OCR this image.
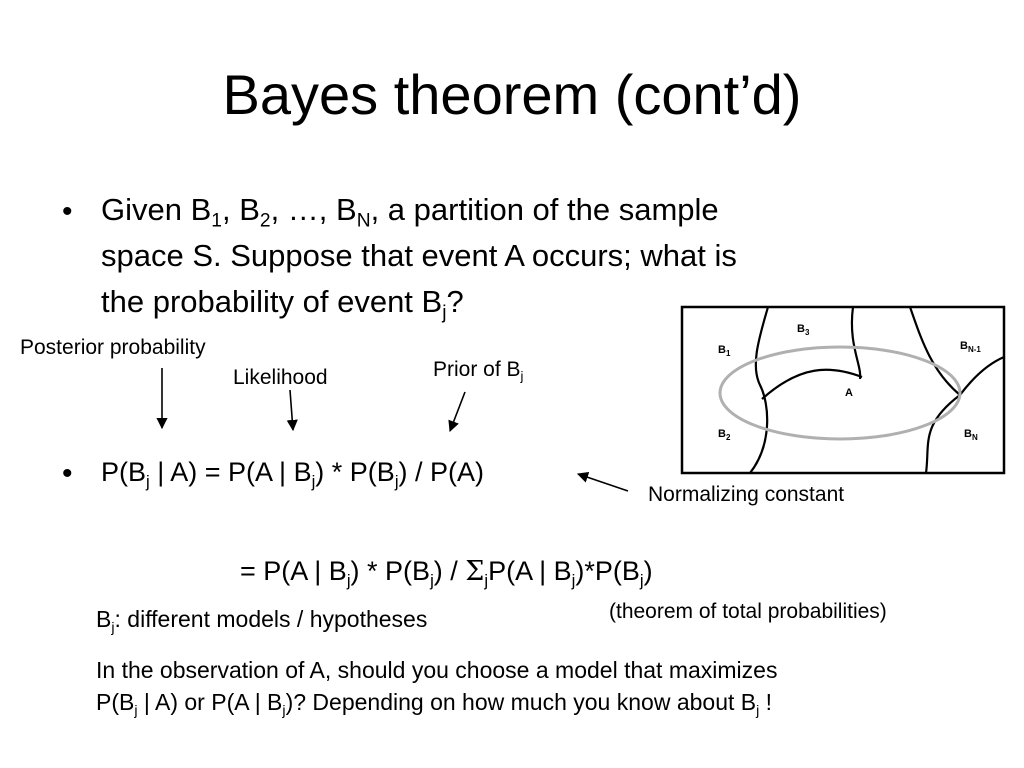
Bayes theorem (cont’d)
• Given $B_1$, $B_2$, …, $B_N$, a partition of the sample
space S. Suppose that event A occurs; what is
the probability of event $B_j$?
Posterior probability
Likelihood	Prior of $B_j$
$B_1$
$B_3$
$B_{N-1}$
A
$B_2$	$B_N$
• $P(B_j$ | A) = P(A | $B_j) * P(B_j) / P(A)$
Normalizing constant
= P(A | $B_j) * P(B_j) / \Sigma_jP(A$ | $B_j)*P(B_j)$
(theorem of total probabilities)
$B_j$: different models / hypotheses
In the observation of A, should you choose a model that maximizes
$P(B_j$ | A) or P(A | $B_j$)? Depending on how much you know about $B_j$ !
